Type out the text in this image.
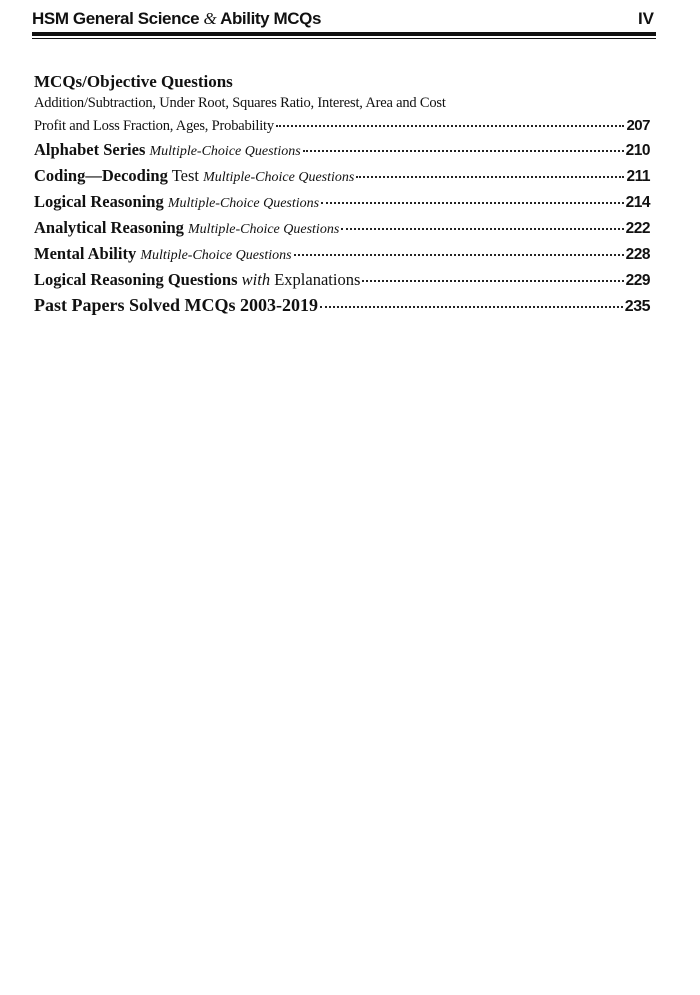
HSM General Science & Ability MCQs	IV
MCQs/Objective Questions
Addition/Subtraction, Under Root, Squares Ratio, Interest, Area and Cost
Profit and Loss Fraction, Ages, Probability	207
Alphabet Series Multiple-Choice Questions	210
Coding—Decoding Test Multiple-Choice Questions	211
Logical Reasoning Multiple-Choice Questions	214
Analytical Reasoning Multiple-Choice Questions	222
Mental Ability Multiple-Choice Questions	228
Logical Reasoning Questions with Explanations	229
Past Papers Solved MCQs 2003-2019	235
